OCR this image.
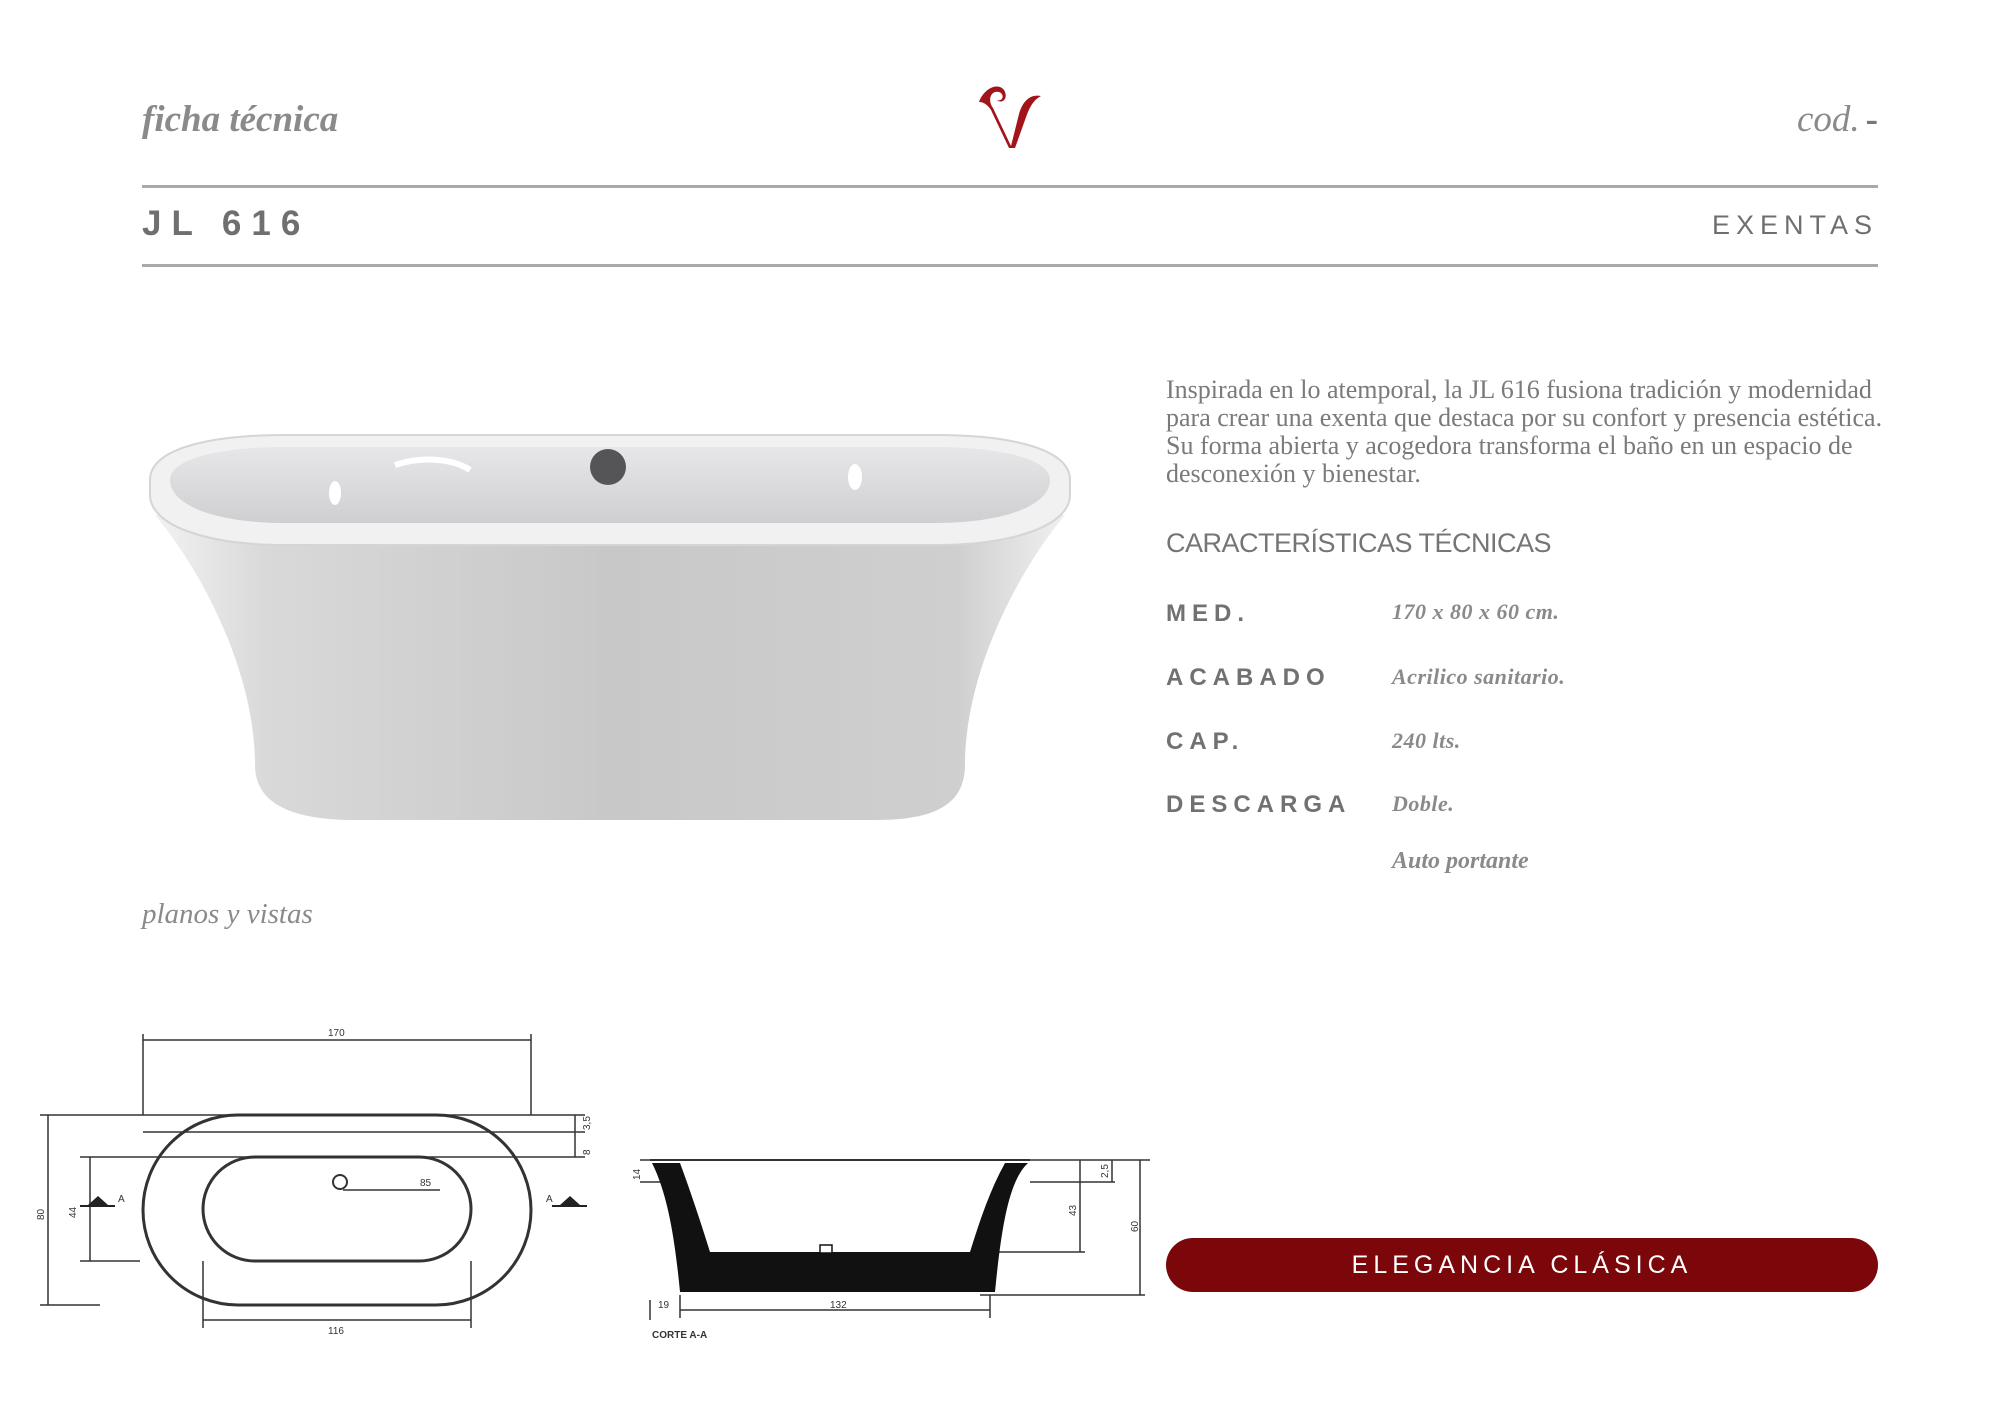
ficha técnica	cod. -
JL 616	EXENTAS
Inspirada en lo atemporal, la JL 616 fusiona tradición y modernidad para crear una exenta que destaca por su confort y presencia estética. Su forma abierta y acogedora transforma el baño en un espacio de desconexión y bienestar.
CARACTERÍSTICAS TÉCNICAS
MED.	170 x 80 x 60 cm.
ACABADO	Acrilico sanitario.
CAP.	240 lts.
DESCARGA Doble.
Auto portante
planos y vistas
170
3,5
8
85
80 44
116
A	A
14
43
2,5
60
19	132
CORTE A-A
ELEGANCIA CLÁSICA
